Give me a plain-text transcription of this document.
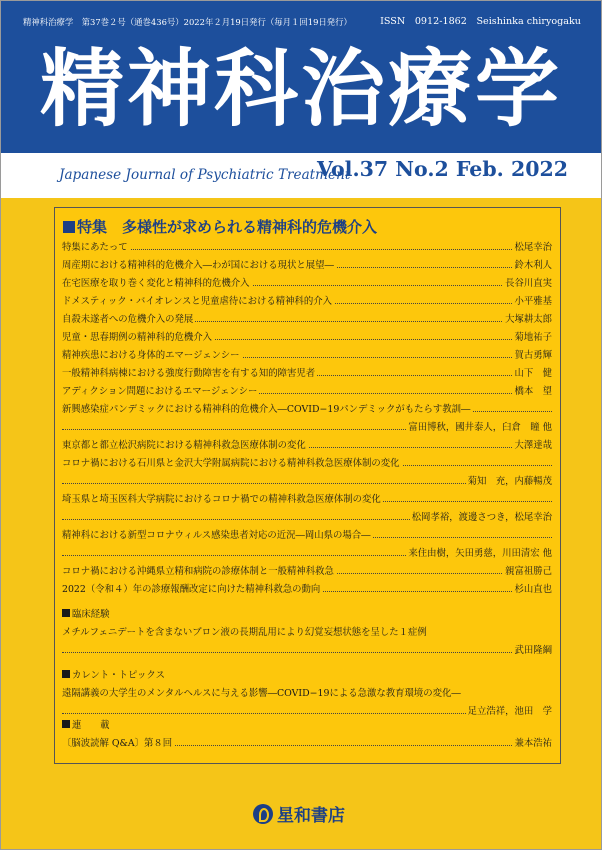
精神科治療学　第37巻２号（通巻436号）2022年２月19日発行（毎月１回19日発行）	ISSN　0912-1862　Seishinka chiryogaku
精神科治療学
Japanese Journal of Psychiatric Treatment
Vol.37 No.2 Feb. 2022
特集　多様性が求められる精神科的危機介入
特集にあたって	松尾幸治
周産期における精神科的危機介入―わが国における現状と展望―	鈴木利人
在宅医療を取り巻く変化と精神科的危機介入	長谷川直実
ドメスティック・バイオレンスと児童虐待における精神科的介入	小平雅基
自殺未遂者への危機介入の発展	大塚耕太郎
児童・思春期例の精神科的危機介入	菊地祐子
精神疾患における身体的エマージェンシー	賀古勇輝
一般精神科病棟における強度行動障害を有する知的障害児者	山下　健
アディクション問題におけるエマージェンシー	橋本　望
新興感染症パンデミックにおける精神科的危機介入―COVID−19パンデミックがもたらす教訓―
富田博秋，國井泰人，臼倉　瞳 他
東京都と都立松沢病院における精神科救急医療体制の変化	大澤達哉
コロナ禍における石川県と金沢大学附属病院における精神科救急医療体制の変化
菊知　充，内藤暢茂
埼玉県と埼玉医科大学病院におけるコロナ禍での精神科救急医療体制の変化
松岡孝裕，渡邊さつき，松尾幸治
精神科における新型コロナウィルス感染患者対応の近況―岡山県の場合―
来住由樹，矢田勇慈，川田清宏 他
コロナ禍における沖縄県立精和病院の診療体制と一般精神科救急	親富祖勝己
2022（令和４）年の診療報酬改定に向けた精神科救急の動向	杉山直也
臨床経験
メチルフェニデートを含まないブロン液の長期乱用により幻覚妄想状態を呈した１症例
武田隆綱
カレント・トピックス
遠隔講義の大学生のメンタルヘルスに与える影響―COVID−19による急激な教育環境の変化―
足立浩祥，池田　学
連　　載
〔脳波読解 Q&A〕第８回	兼本浩祐
星和書店
